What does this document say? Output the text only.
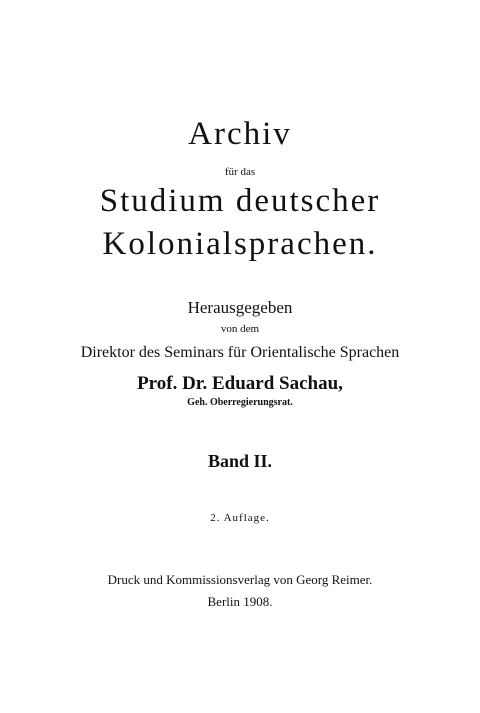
Archiv
für das
Studium deutscher
Kolonialsprachen.
Herausgegeben
von dem
Direktor des Seminars für Orientalische Sprachen
Prof. Dr. Eduard Sachau,
Geh. Oberregierungsrat.
Band II.
2. Auflage.
Druck und Kommissionsverlag von Georg Reimer.
Berlin 1908.
